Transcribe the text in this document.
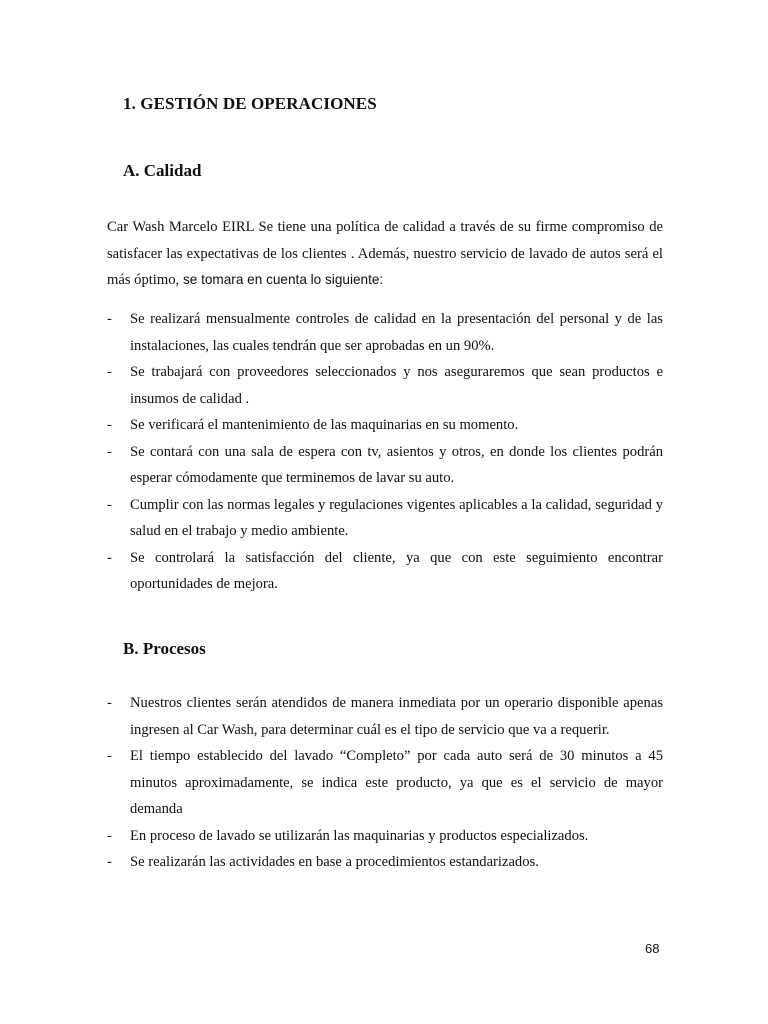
1. GESTIÓN DE OPERACIONES
A. Calidad
Car Wash Marcelo EIRL Se tiene una política de calidad a través de su firme compromiso de satisfacer las expectativas de los clientes . Además, nuestro servicio de lavado de autos será el más óptimo, se tomara en cuenta lo siguiente:
- Se realizará mensualmente controles de calidad en la presentación del personal y de las instalaciones, las cuales tendrán que ser aprobadas en un 90%.
- Se trabajará con proveedores seleccionados y nos aseguraremos que sean productos e insumos de calidad .
- Se verificará el mantenimiento de las maquinarias en su momento.
- Se contará con una sala de espera con tv, asientos y otros, en donde los clientes podrán esperar cómodamente que terminemos de lavar su auto.
- Cumplir con las normas legales y regulaciones vigentes aplicables a la calidad, seguridad y salud en el trabajo y medio ambiente.
- Se controlará la satisfacción del cliente, ya que con este seguimiento encontrar oportunidades de mejora.
B. Procesos
- Nuestros clientes serán atendidos de manera inmediata por un operario disponible apenas ingresen al Car Wash, para determinar cuál es el tipo de servicio que va a requerir.
- El tiempo establecido del lavado “Completo” por cada auto será de 30 minutos a 45 minutos aproximadamente, se indica este producto, ya que es el servicio de mayor demanda
- En proceso de lavado se utilizarán las maquinarias y productos especializados.
- Se realizarán las actividades en base a procedimientos estandarizados.
68
